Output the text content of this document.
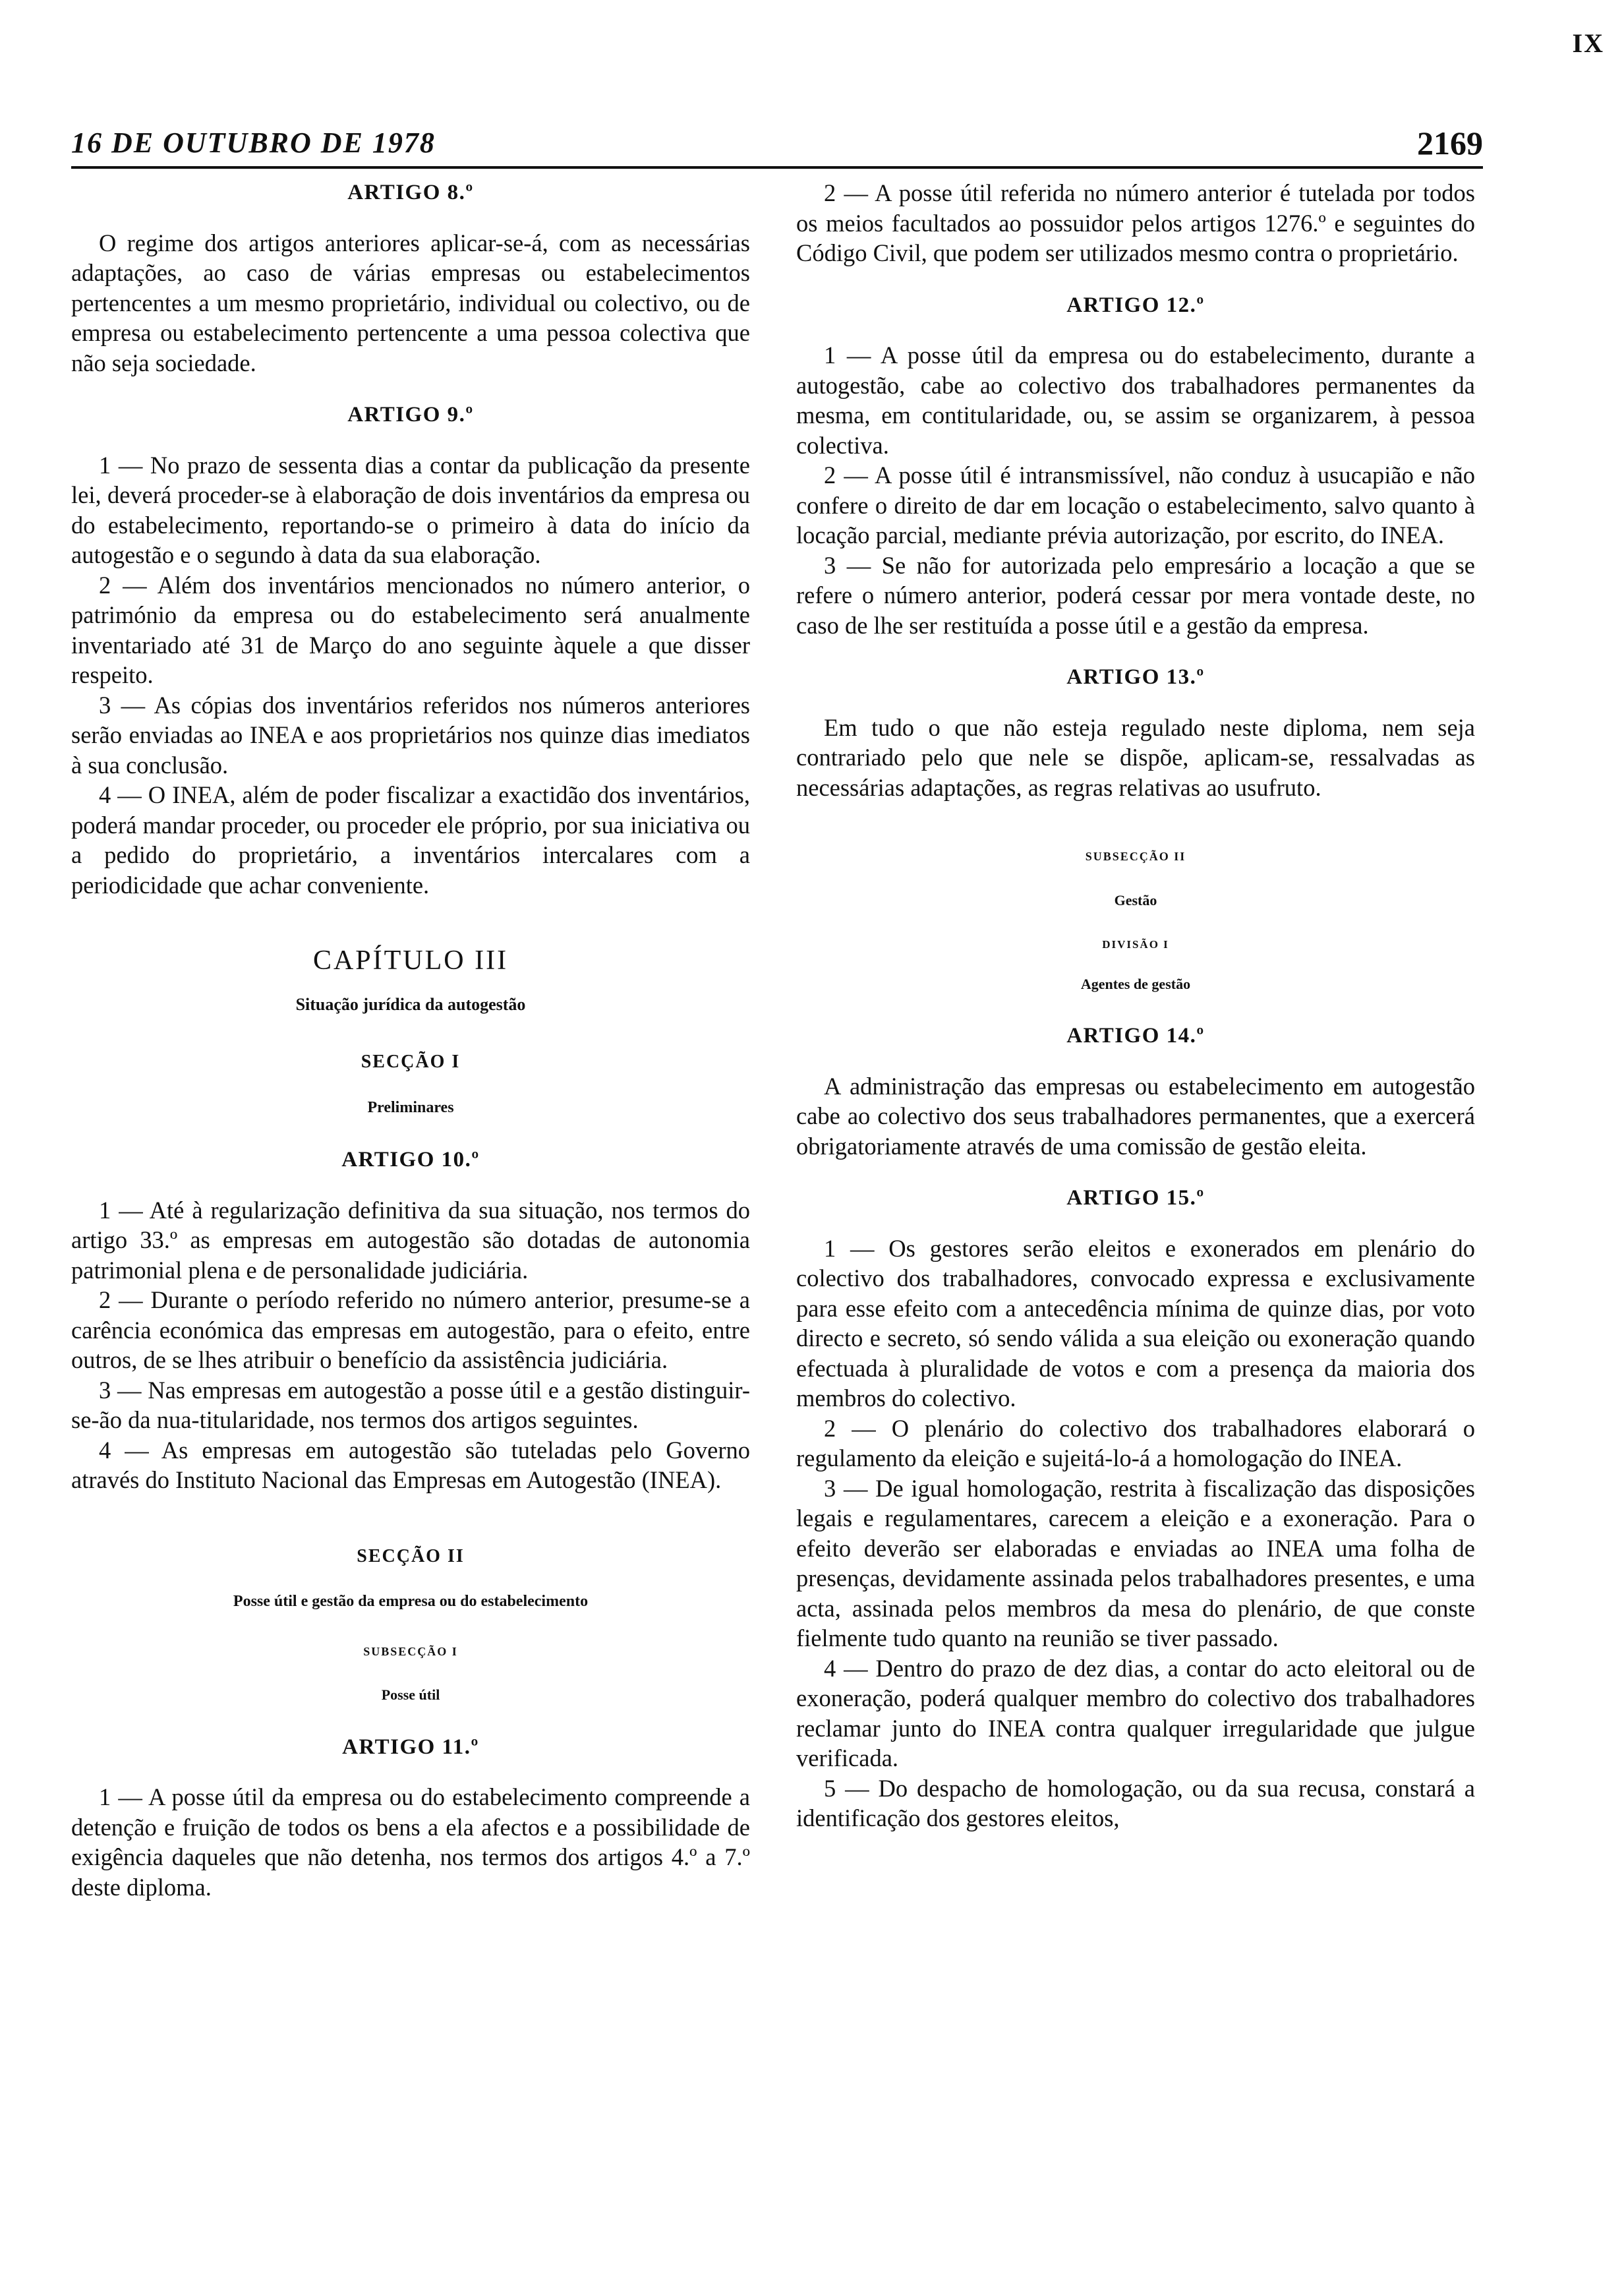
IX
16 DE OUTUBRO DE 1978	2169
ARTIGO 8.º

O regime dos artigos anteriores aplicar-se-á, com as necessárias adaptações, ao caso de várias empresas ou estabelecimentos pertencentes a um mesmo proprietário, individual ou colectivo, ou de empresa ou estabelecimento pertencente a uma pessoa colectiva que não seja sociedade.

ARTIGO 9.º

1 — No prazo de sessenta dias a contar da publicação da presente lei, deverá proceder-se à elaboração de dois inventários da empresa ou do estabelecimento, reportando-se o primeiro à data do início da autogestão e o segundo à data da sua elaboração.

2 — Além dos inventários mencionados no número anterior, o património da empresa ou do estabelecimento será anualmente inventariado até 31 de Março do ano seguinte àquele a que disser respeito.

3 — As cópias dos inventários referidos nos números anteriores serão enviadas ao INEA e aos proprietários nos quinze dias imediatos à sua conclusão.

4 — O INEA, além de poder fiscalizar a exactidão dos inventários, poderá mandar proceder, ou proceder ele próprio, por sua iniciativa ou a pedido do proprietário, a inventários intercalares com a periodicidade que achar conveniente.

CAPÍTULO III
Situação jurídica da autogestão
SECÇÃO I
Preliminares
ARTIGO 10.º

1 — Até à regularização definitiva da sua situação, nos termos do artigo 33.º as empresas em autogestão são dotadas de autonomia patrimonial plena e de personalidade judiciária.

2 — Durante o período referido no número anterior, presume-se a carência económica das empresas em autogestão, para o efeito, entre outros, de se lhes atribuir o benefício da assistência judiciária.

3 — Nas empresas em autogestão a posse útil e a gestão distinguir-se-ão da nua-titularidade, nos termos dos artigos seguintes.

4 — As empresas em autogestão são tuteladas pelo Governo através do Instituto Nacional das Empresas em Autogestão (INEA).

SECÇÃO II
Posse útil e gestão da empresa ou do estabelecimento
SUBSECÇÃO I
Posse útil
ARTIGO 11.º

1 — A posse útil da empresa ou do estabelecimento compreende a detenção e fruição de todos os bens a ela afectos e a possibilidade de exigência daqueles que não detenha, nos termos dos artigos 4.º a 7.º deste diploma.

2 — A posse útil referida no número anterior é tutelada por todos os meios facultados ao possuidor pelos artigos 1276.º e seguintes do Código Civil, que podem ser utilizados mesmo contra o proprietário.

ARTIGO 12.º

1 — A posse útil da empresa ou do estabelecimento, durante a autogestão, cabe ao colectivo dos trabalhadores permanentes da mesma, em contitularidade, ou, se assim se organizarem, à pessoa colectiva.

2 — A posse útil é intransmissível, não conduz à usucapião e não confere o direito de dar em locação o estabelecimento, salvo quanto à locação parcial, mediante prévia autorização, por escrito, do INEA.

3 — Se não for autorizada pelo empresário a locação a que se refere o número anterior, poderá cessar por mera vontade deste, no caso de lhe ser restituída a posse útil e a gestão da empresa.

ARTIGO 13.º

Em tudo o que não esteja regulado neste diploma, nem seja contrariado pelo que nele se dispõe, aplicam-se, ressalvadas as necessárias adaptações, as regras relativas ao usufruto.

SUBSECÇÃO II
Gestão
DIVISÃO I
Agentes de gestão
ARTIGO 14.º

A administração das empresas ou estabelecimento em autogestão cabe ao colectivo dos seus trabalhadores permanentes, que a exercerá obrigatoriamente através de uma comissão de gestão eleita.

ARTIGO 15.º

1 — Os gestores serão eleitos e exonerados em plenário do colectivo dos trabalhadores, convocado expressa e exclusivamente para esse efeito com a antecedência mínima de quinze dias, por voto directo e secreto, só sendo válida a sua eleição ou exoneração quando efectuada à pluralidade de votos e com a presença da maioria dos membros do colectivo.

2 — O plenário do colectivo dos trabalhadores elaborará o regulamento da eleição e sujeitá-lo-á a homologação do INEA.

3 — De igual homologação, restrita à fiscalização das disposições legais e regulamentares, carecem a eleição e a exoneração. Para o efeito deverão ser elaboradas e enviadas ao INEA uma folha de presenças, devidamente assinada pelos trabalhadores presentes, e uma acta, assinada pelos membros da mesa do plenário, de que conste fielmente tudo quanto na reunião se tiver passado.

4 — Dentro do prazo de dez dias, a contar do acto eleitoral ou de exoneração, poderá qualquer membro do colectivo dos trabalhadores reclamar junto do INEA contra qualquer irregularidade que julgue verificada.

5 — Do despacho de homologação, ou da sua recusa, constará a identificação dos gestores eleitos,
